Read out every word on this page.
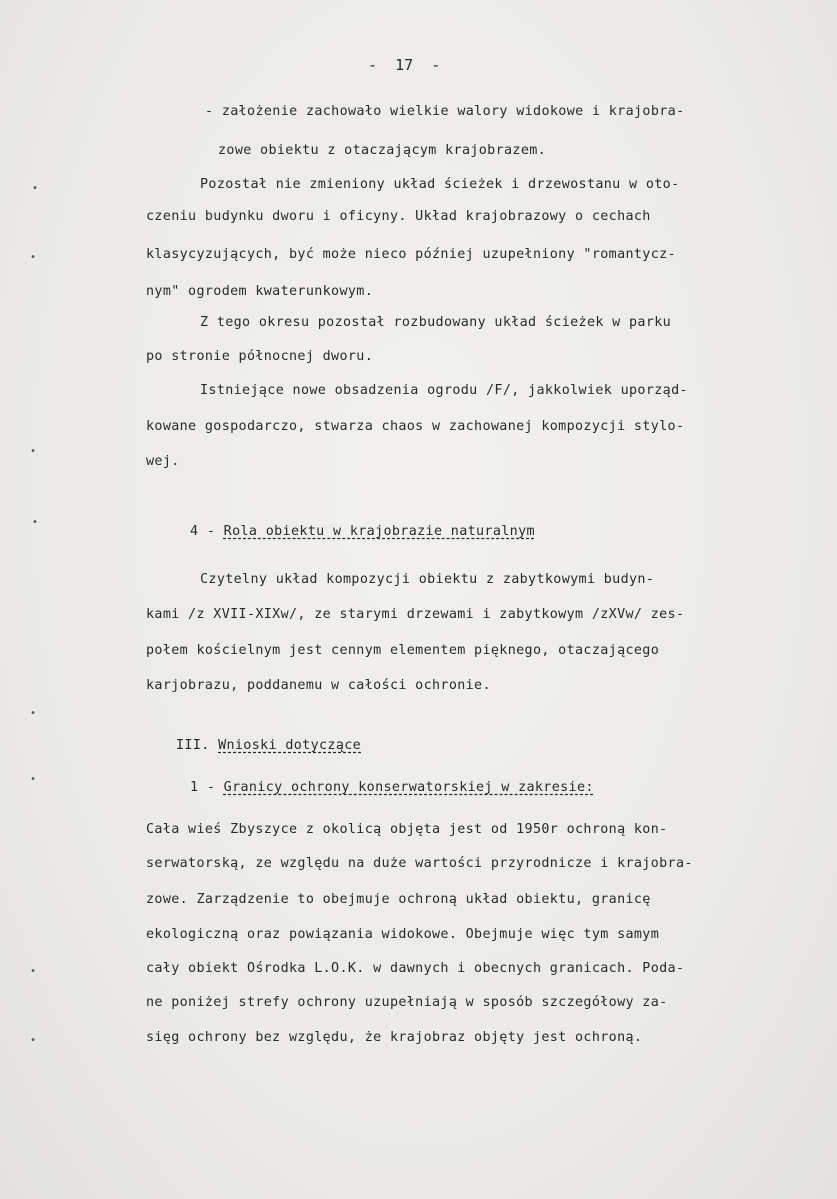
-  17  -
- założenie zachowało wielkie walory widokowe i krajobra-
zowe obiektu z otaczającym krajobrazem.
Pozostał nie zmieniony układ ścieżek i drzewostanu w oto-
czeniu budynku dworu i oficyny. Układ krajobrazowy o cechach
klasycyzujących, być może nieco później uzupełniony "romantycz-
nym" ogrodem kwaterunkowym.
Z tego okresu pozostał rozbudowany układ ścieżek w parku
po stronie północnej dworu.
Istniejące nowe obsadzenia ogrodu /F/, jakkolwiek uporząd-
kowane gospodarczo, stwarza chaos w zachowanej kompozycji stylo-
wej.
4 - Rola obiektu w krajobrazie naturalnym
Czytelny układ kompozycji obiektu z zabytkowymi budyn-
kami /z XVII-XIXw/, ze starymi drzewami i zabytkowym /zXVw/ zes-
połem kościelnym jest cennym elementem pięknego, otaczającego
karjobrazu, poddanemu w całości ochronie.
III. Wnioski dotyczące
1 - Granicy ochrony konserwatorskiej w zakresie:
Cała wieś Zbyszyce z okolicą objęta jest od 1950r ochroną kon-
serwatorską, ze względu na duże wartości przyrodnicze i krajobra-
zowe. Zarządzenie to obejmuje ochroną układ obiektu, granicę
ekologiczną oraz powiązania widokowe. Obejmuje więc tym samym
cały obiekt Ośrodka L.O.K. w dawnych i obecnych granicach. Poda-
ne poniżej strefy ochrony uzupełniają w sposób szczegółowy za-
sięg ochrony bez względu, że krajobraz objęty jest ochroną.
•
•
•
•
•
•
•
•
